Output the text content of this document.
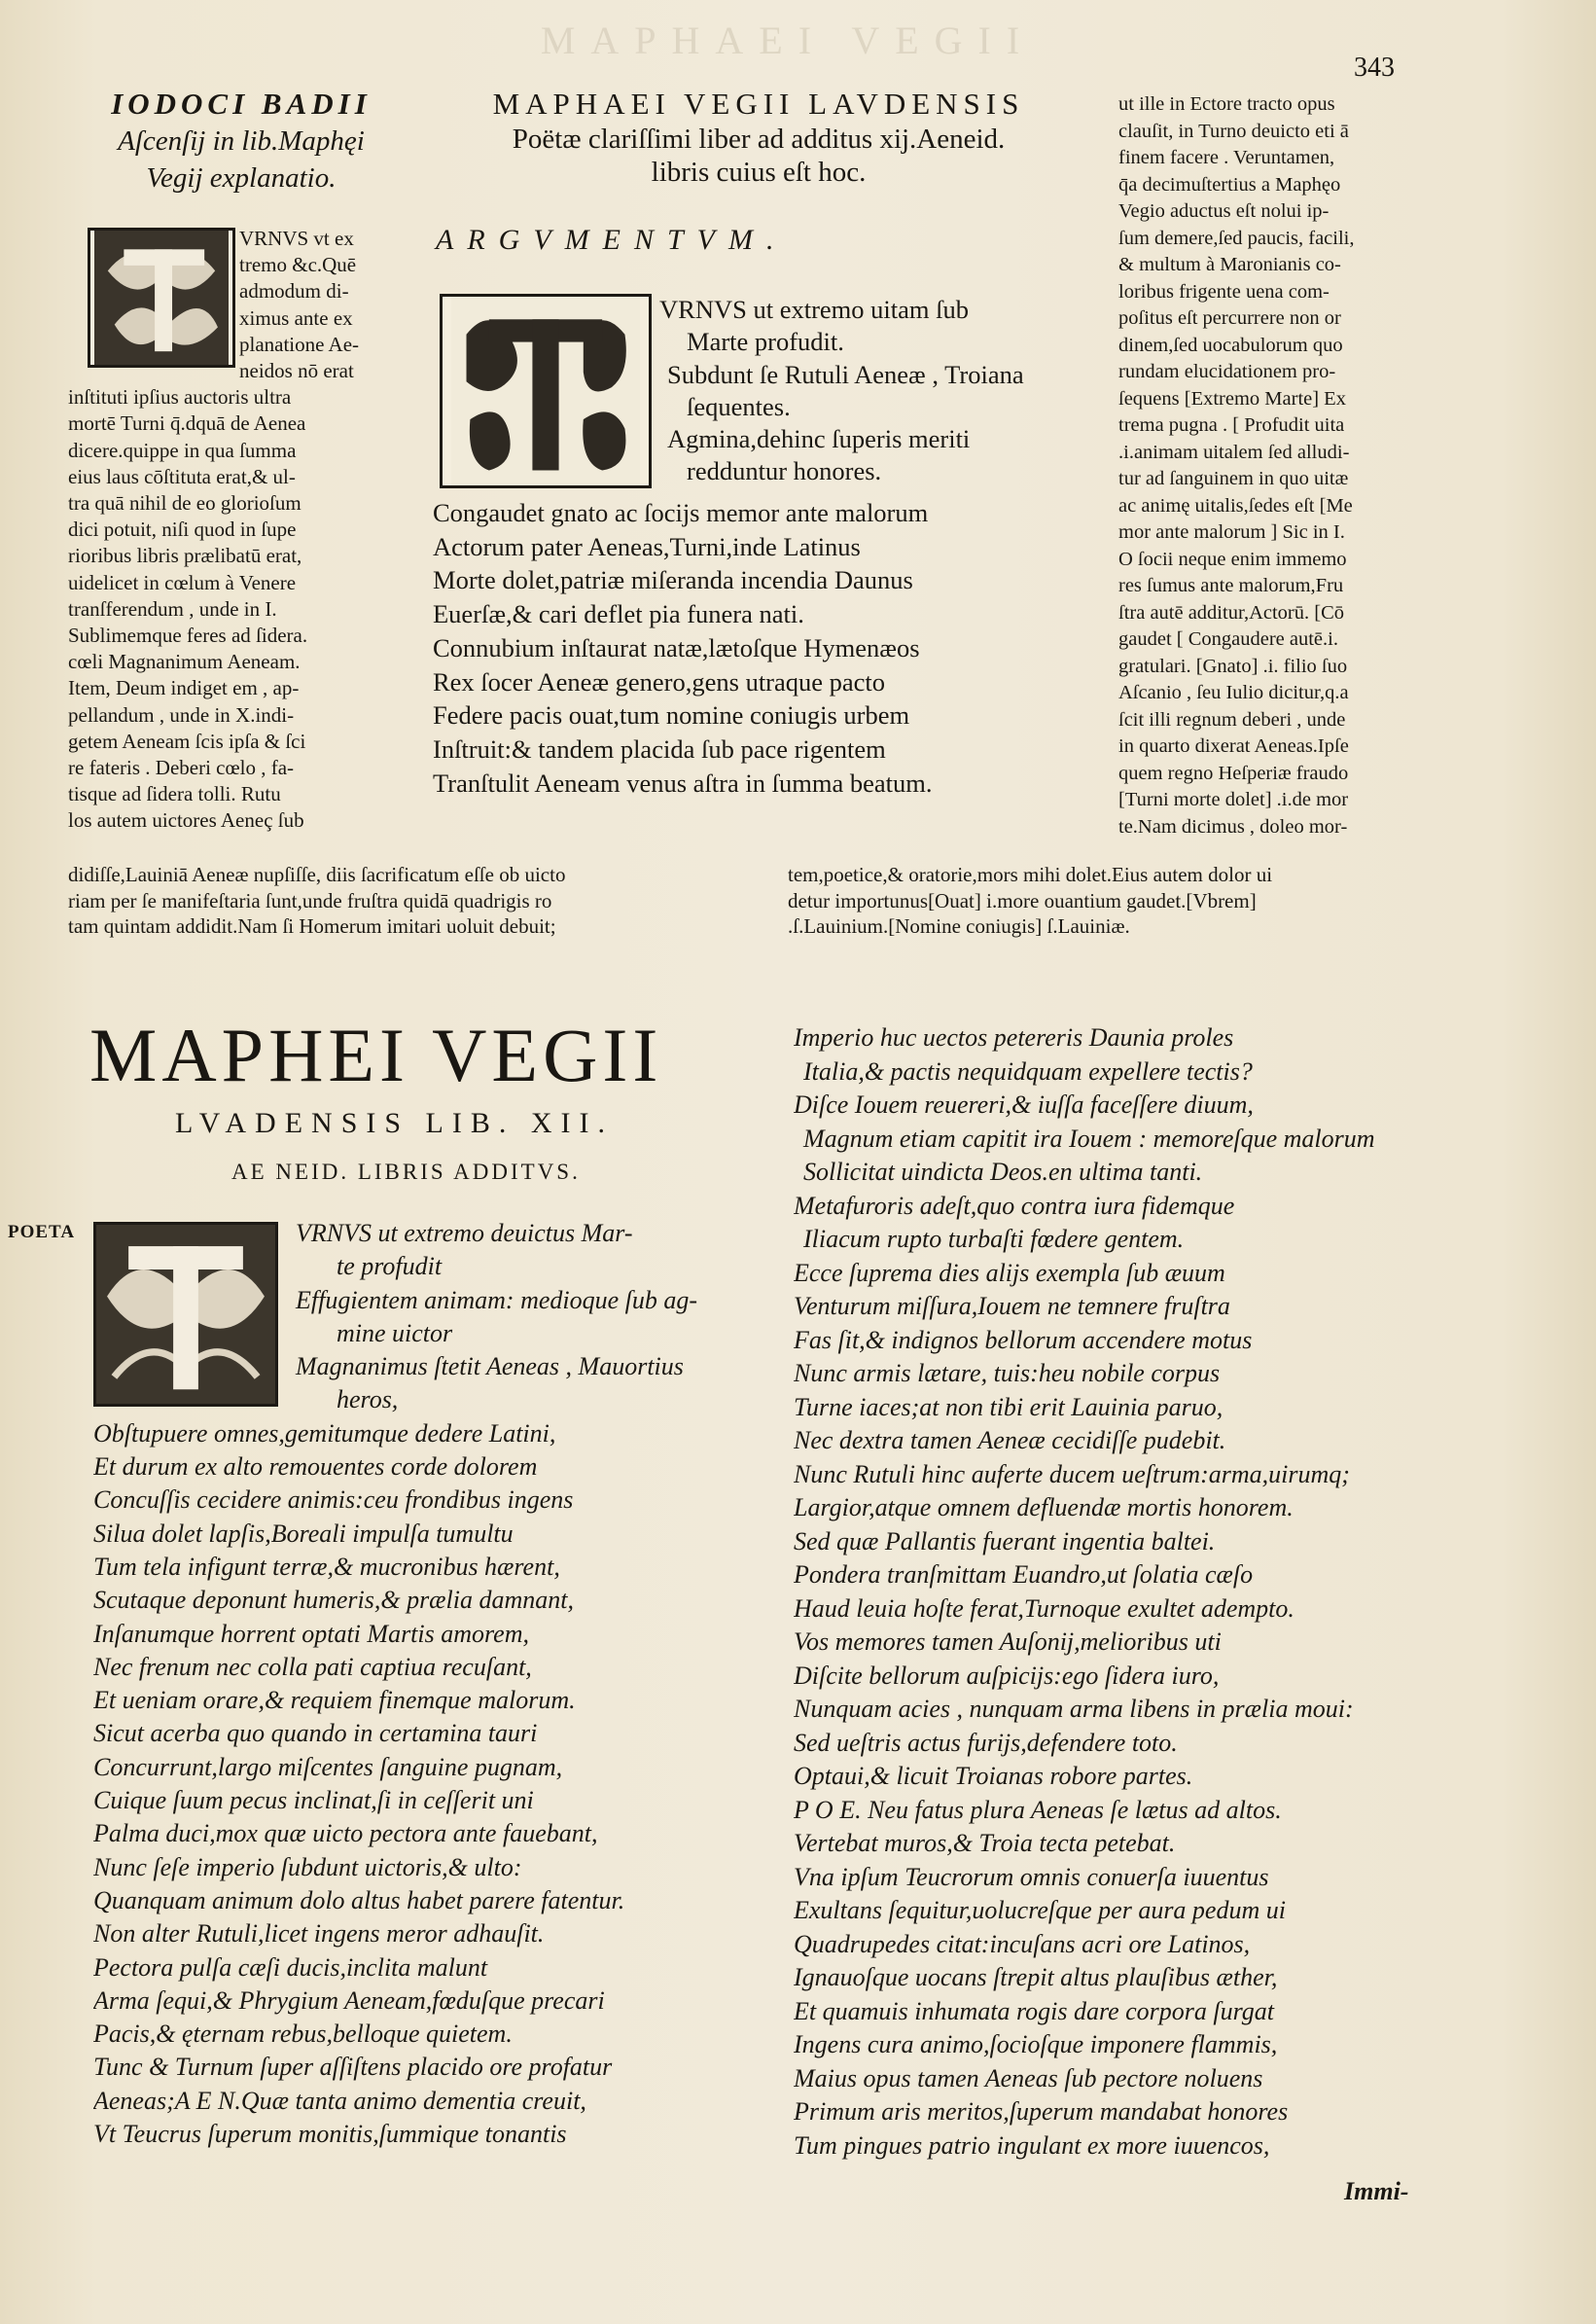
MAPHAEI VEGII
343
IODOCI BADII
Aſcenſij in lib.Maphęi
Vegij explanatio.
MAPHAEI VEGII LAVDENSIS
Poëtæ clariſſimi liber ad additus xij.Aeneid.
libris cuius eſt hoc.
VRNVS vt ex
tremo &c.Quē
admodum di-
ximus ante ex
planatione Ae-
neidos nō erat
inſtituti ipſius auctoris ultra
mortē Turni q̄.dquā de Aenea
dicere.quippe in qua ſumma
eius laus cōſtituta erat,& ul-
tra quā nihil de eo glorioſum
dici potuit, niſi quod in ſupe
rioribus libris prælibatū erat,
uidelicet in cœlum à Venere
tranſferendum , unde in I.
Sublimemque feres ad ſidera.
cœli Magnanimum Aeneam.
Item, Deum indiget em , ap-
pellandum , unde in X.indi-
getem Aeneam ſcis ipſa & ſci
re fateris . Deberi cœlo , fa-
tisque ad ſidera tolli. Rutu
los autem uictores Aeneç ſub
ARGVMENTVM.
VRNVS ut extremo uitam ſub
Marte profudit.
Subdunt ſe Rutuli Aeneæ , Troiana
ſequentes.
Agmina,dehinc ſuperis meriti
redduntur honores.
Congaudet gnato ac ſocijs memor ante malorum
Actorum pater Aeneas,Turni,inde Latinus
Morte dolet,patriæ miſeranda incendia Daunus
Euerſæ,& cari deflet pia funera nati.
Connubium inſtaurat natæ,lætoſque Hymenæos
Rex ſocer Aeneæ genero,gens utraque pacto
Federe pacis ouat,tum nomine coniugis urbem
Inſtruit:& tandem placida ſub pace rigentem
Tranſtulit Aeneam venus aſtra in ſumma beatum.
ut ille in Ectore tracto opus
clauſit, in Turno deuicto eti ā
finem facere . Veruntamen,
q̄a decimuſtertius a Maphęo
Vegio aductus eſt nolui ip-
ſum demere,ſed paucis, facili,
& multum à Maronianis co-
loribus frigente uena com-
poſitus eſt percurrere non or
dinem,ſed uocabulorum quo
rundam elucidationem pro-
ſequens [Extremo Marte] Ex
trema pugna . [ Profudit uita
.i.animam uitalem ſed alludi-
tur ad ſanguinem in quo uitæ
ac animę uitalis,ſedes eſt [Me
mor ante malorum ] Sic in I.
O ſocii neque enim immemo
res ſumus ante malorum,Fru
ſtra autē additur,Actorū. [Cō
gaudet [ Congaudere autē.i.
gratulari. [Gnato] .i. filio ſuo
Aſcanio , ſeu Iulio dicitur,q.a
ſcit illi regnum deberi , unde
in quarto dixerat Aeneas.Ipſe
quem regno Heſperiæ fraudo
[Turni morte dolet] .i.de mor
te.Nam dicimus , doleo mor-
didiſſe,Lauiniā Aeneæ nupſiſſe, diis ſacrificatum eſſe ob uicto
riam per ſe manifeſtaria ſunt,unde fruſtra quidā quadrigis ro
tam quintam addidit.Nam ſi Homerum imitari uoluit debuit;
tem,poetice,& oratorie,mors mihi dolet.Eius autem dolor ui
detur importunus[Ouat] i.more ouantium gaudet.[Vbrem]
.ſ.Lauinium.[Nomine coniugis] ſ.Lauiniæ.
MAPHEI VEGII
LVADENSIS LIB. XII.
AE NEID. LIBRIS ADDITVS.
POETA	VRNVS ut extremo deuictus Mar-
te profudit
Effugientem animam: medioque ſub ag-
mine uictor
Magnanimus ſtetit Aeneas , Mauortius
heros,
Obſtupuere omnes,gemitumque dedere Latini,
Et durum ex alto remouentes corde dolorem
Concuſſis cecidere animis:ceu frondibus ingens
Silua dolet lapſis,Boreali impulſa tumultu
Tum tela infigunt terræ,& mucronibus hærent,
Scutaque deponunt humeris,& prælia damnant,
Inſanumque horrent optati Martis amorem,
Nec frenum nec colla pati captiua recuſant,
Et ueniam orare,& requiem finemque malorum.
Sicut acerba quo quando in certamina tauri
Concurrunt,largo miſcentes ſanguine pugnam,
Cuique ſuum pecus inclinat,ſi in ceſſerit uni
Palma duci,mox quæ uicto pectora ante fauebant,
Nunc ſeſe imperio ſubdunt uictoris,& ulto:
Quanquam animum dolo altus habet parere fatentur.
Non alter Rutuli,licet ingens meror adhauſit.
Pectora pulſa cæſi ducis,inclita malunt
Arma ſequi,& Phrygium Aeneam,fœduſque precari
Pacis,& ęternam rebus,belloque quietem.
Tunc & Turnum ſuper aſſiſtens placido ore profatur
Aeneas;A E N.Quæ tanta animo dementia creuit,
Vt Teucrus ſuperum monitis,ſummique tonantis
Imperio huc uectos petereris Daunia proles
Italia,& pactis nequidquam expellere tectis?
Diſce Iouem reuereri,& iuſſa faceſſere diuum,
Magnum etiam capitit ira Iouem : memoreſque malorum
Sollicitat uindicta Deos.en ultima tanti.
Metafuroris adeſt,quo contra iura fidemque
Iliacum rupto turbaſti fœdere gentem.
Ecce ſuprema dies alijs exempla ſub æuum
Venturum miſſura,Iouem ne temnere fruſtra
Fas ſit,& indignos bellorum accendere motus
Nunc armis lætare, tuis:heu nobile corpus
Turne iaces;at non tibi erit Lauinia paruo,
Nec dextra tamen Aeneæ cecidiſſe pudebit.
Nunc Rutuli hinc auferte ducem ueſtrum:arma,uirumq;
Largior,atque omnem defluendæ mortis honorem.
Sed quæ Pallantis fuerant ingentia baltei.
Pondera tranſmittam Euandro,ut ſolatia cæſo
Haud leuia hoſte ferat,Turnoque exultet adempto.
Vos memores tamen Auſonij,melioribus uti
Diſcite bellorum auſpicijs:ego ſidera iuro,
Nunquam acies , nunquam arma libens in prælia moui:
Sed ueſtris actus furijs,defendere toto.
Optaui,& licuit Troianas robore partes.
P O E. Neu fatus plura Aeneas ſe lætus ad altos.
Vertebat muros,& Troia tecta petebat.
Vna ipſum Teucrorum omnis conuerſa iuuentus
Exultans ſequitur,uolucreſque per aura pedum ui
Quadrupedes citat:incuſans acri ore Latinos,
Ignauoſque uocans ſtrepit altus plauſibus æther,
Et quamuis inhumata rogis dare corpora ſurgat
Ingens cura animo,ſocioſque imponere flammis,
Maius opus tamen Aeneas ſub pectore noluens
Primum aris meritos,ſuperum mandabat honores
Tum pingues patrio ingulant ex more iuuencos,
Immi-
